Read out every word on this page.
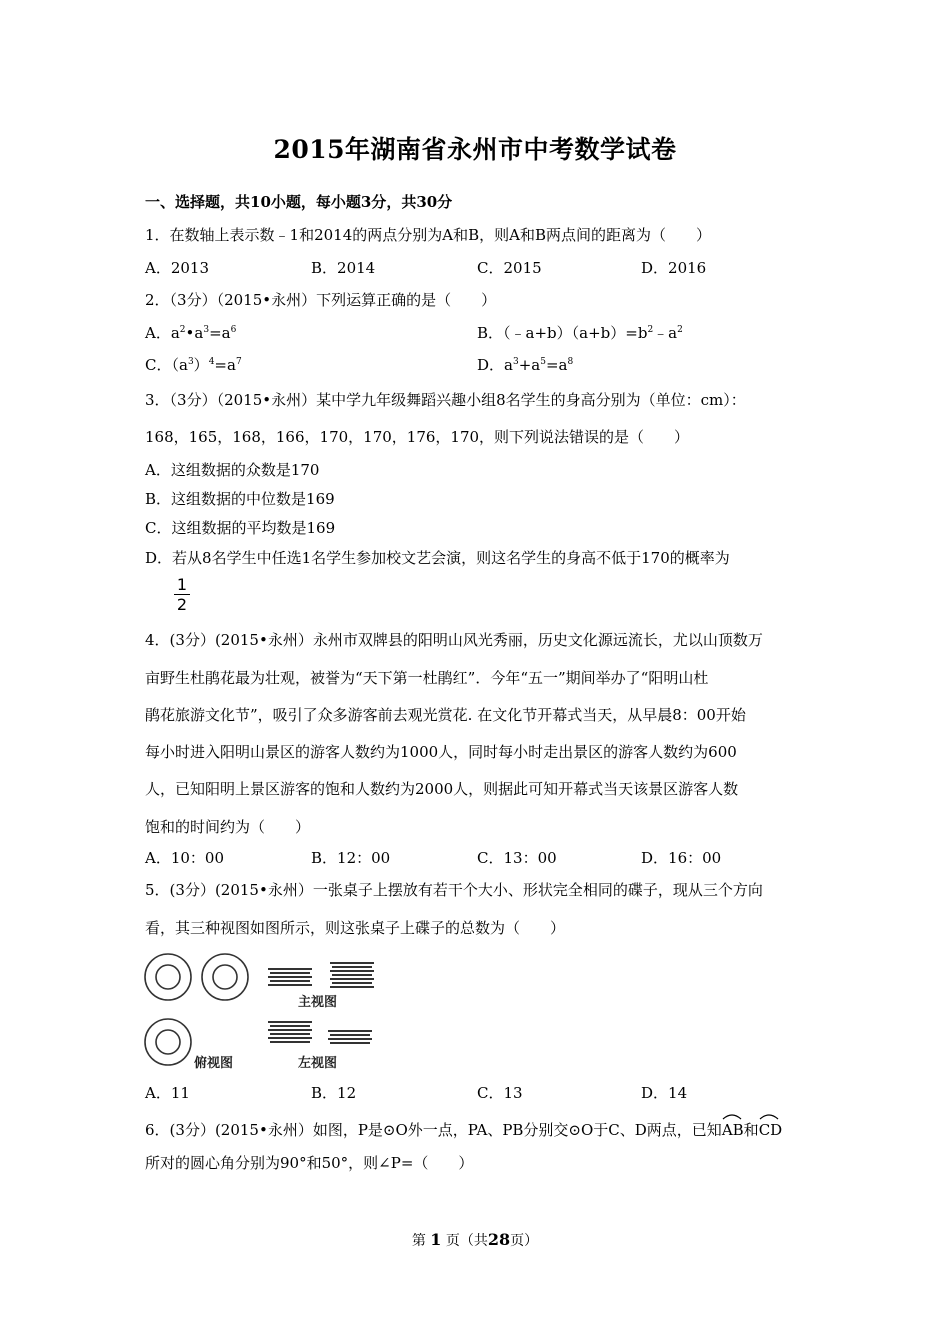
2015年湖南省永州市中考数学试卷
一、选择题，共10小题，每小题3分，共30分
1．在数轴上表示数﹣1和2014的两点分别为A和B，则A和B两点间的距离为（　　）
A．2013	B．2014	C．2015	D．2016
2．（3分）（2015•永州）下列运算正确的是（　　）
A．$a^2•a^3=a^6$	B．$(﹣a+b)(a+b)=b^2﹣a^2$
C．$(a^3)^4=a^7$	D．$a^3+a^5=a^8$
3．（3分）（2015•永州）某中学九年级舞蹈兴趣小组8名学生的身高分别为（单位：cm）：
168，165，168，166，170，170，176，170，则下列说法错误的是（　　）
A．这组数据的众数是170
B．这组数据的中位数是169
C．这组数据的平均数是169
D．若从8名学生中任选1名学生参加校文艺会演，则这名学生的身高不低于170的概率为
1
2
4．(3分）(2015•永州）永州市双牌县的阳明山风光秀丽，历史文化源远流长，尤以山顶数万
亩野生杜鹃花最为壮观，被誉为“天下第一杜鹃红”．今年“五一”期间举办了“阳明山杜
鹃花旅游文化节”，吸引了众多游客前去观光赏花. 在文化节开幕式当天，从早晨8：00开始
每小时进入阳明山景区的游客人数约为1000人，同时每小时走出景区的游客人数约为600
人，已知阳明上景区游客的饱和人数约为2000人，则据此可知开幕式当天该景区游客人数
饱和的时间约为（　　）
A．10：00	B．12：00	C．13：00	D．16：00
5．(3分）(2015•永州）一张桌子上摆放有若干个大小、形状完全相同的碟子，现从三个方向
看，其三种视图如图所示，则这张桌子上碟子的总数为（　　）
主视图
俯视图	左视图
A．11	B．12	C．13	D．14
6．(3分）(2015•永州）如图，P是⊙O外一点，PA、PB分别交⊙O于C、D两点，已知
AB和
CD
所对的圆心角分别为90°和50°，则∠P=（　　）
第 1 页（共28页）
